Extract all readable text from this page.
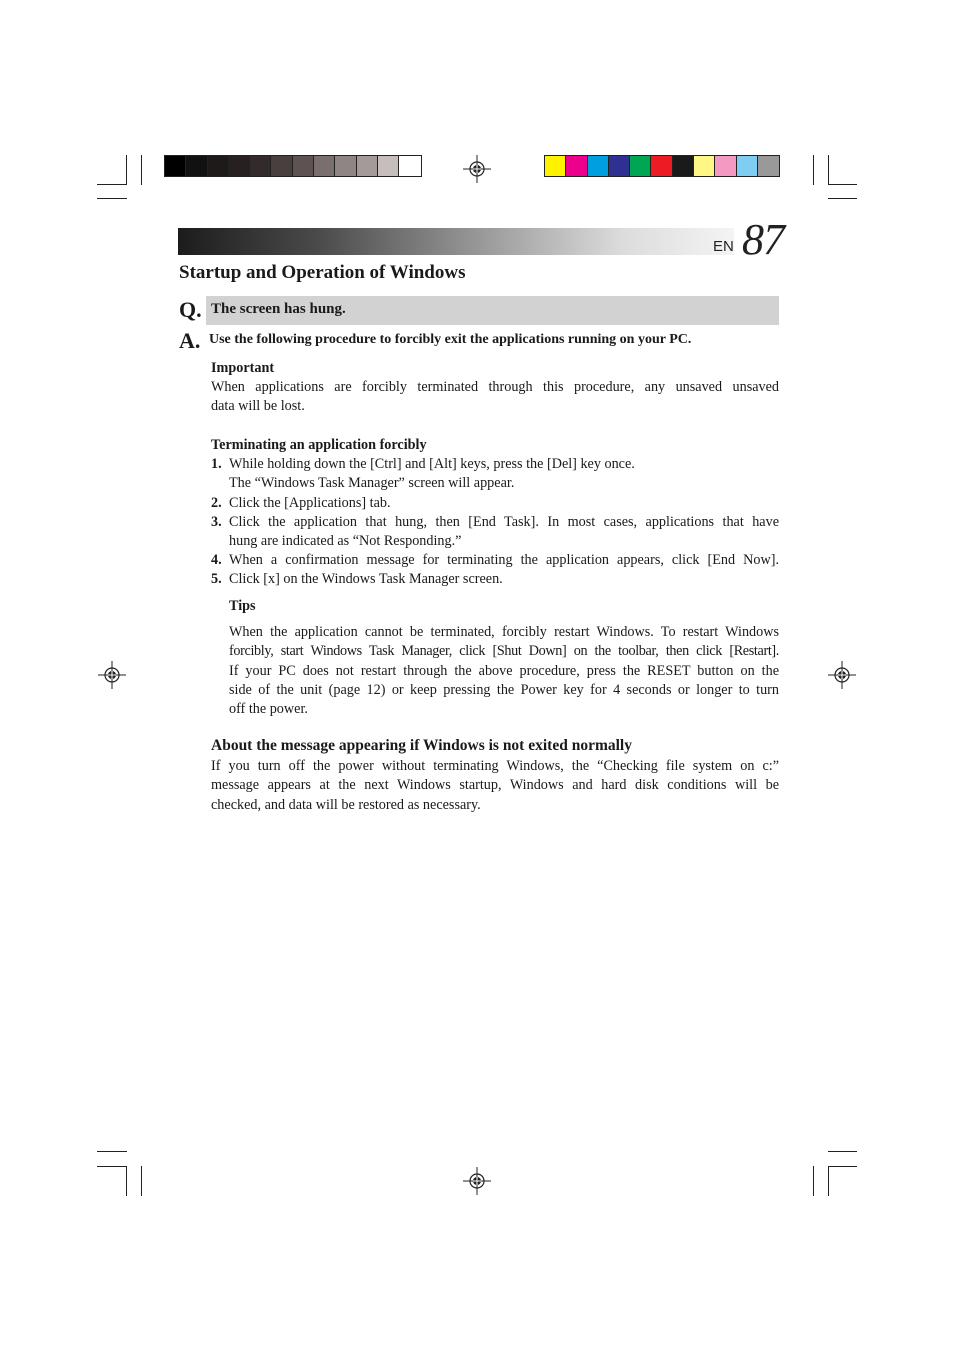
EN 87
Startup and Operation of Windows
Q. The screen has hung.
A. Use the following procedure to forcibly exit the applications running on your PC.
Important
When applications are forcibly terminated through this procedure, any unsaved unsaved
data will be lost.
Terminating an application forcibly
1. While holding down the [Ctrl] and [Alt] keys, press the [Del] key once.
The “Windows Task Manager” screen will appear.
2. Click the [Applications] tab.
3. Click the application that hung, then [End Task]. In most cases, applications that have
hung are indicated as “Not Responding.”
4. When a confirmation message for terminating the application appears, click [End Now].
5. Click [x] on the Windows Task Manager screen.
Tips
When the application cannot be terminated, forcibly restart Windows. To restart Windows
forcibly, start Windows Task Manager, click [Shut Down] on the toolbar, then click [Restart].
If your PC does not restart through the above procedure, press the RESET button on the
side of the unit (page 12) or keep pressing the Power key for 4 seconds or longer to turn
off the power.
About the message appearing if Windows is not exited normally
If you turn off the power without terminating Windows, the “Checking file system on c:”
message appears at the next Windows startup, Windows and hard disk conditions will be
checked, and data will be restored as necessary.
